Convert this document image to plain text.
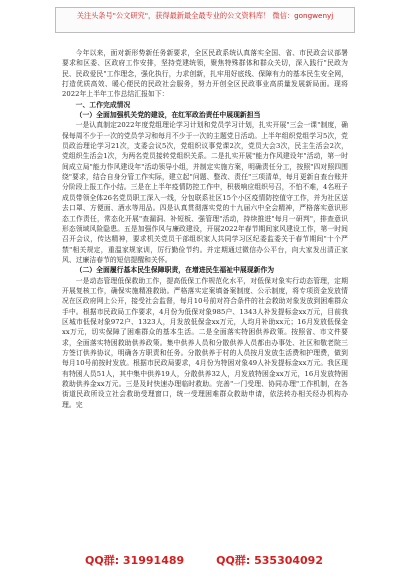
关注头条号"公文研究"，获得最新最全最专业的公文资料库！ 微信：gongwenyj

今年以来，面对新形势新任务新要求，全区民政系统认真落实全国、省、市民政会议部署要求和区委、区政府工作安排，坚持党建统领，聚焦特殊群体和群众关切，深入践行"民政为民、民政爱民"工作理念，强化执行，力求创新，扎牢用好底线、保障有力的基本民生安全网，打造优质高效、暖心便民的民政社会服务，努力开创全区民政事业高质量发展新局面。现将2022年上半年工作总结汇报如下：

一、工作完成情况

（一）全面加强机关党的建设，在红军政治责任中展现新担当

一是认真制定2022年度党组理论学习计划和党员学习计划，扎实开展"三会一课"制度，确保每周不少于一次的党员学习和每月不少于一次的主题党日活动。上半年组织党组学习5次，党员政治理论学习21次，支委会议5次，党组织议事党课2次，党员大会3次，民主生活会2次，党组织生活会1次，为两名党员接转党组织关系。二是扎实开展"能力作风建设年"活动，第一时间成立局"能力作风建设年"活动领导小组，并制定实施方案，明确责任分工，按照"四对照四围绕"要求，结合自身分管工作实际，建立起"问题、整改、责任"三项清单，每月更新自查台账并分阶段上报工作小结。三是在上半年疫情防控工作中，积极响应组织号召，不怕不难，4名班子成员带领全体26名党员职工深入一线，分包联系社区15个小区疫情防控值守工作，并为社区送去口罩、方便面、酒水等用品。四是认真贯彻落实党的十九届六中全会精神，严格落实意识形态工作责任，常态化开展"查漏洞、补短板、强管理"活动，持续推进"每月一研判"，排查意识形态领域风险隐患。五是加强作风与廉政建设，开展2022年春节期间家风建设工作，第一时间召开会议，传达精神，要求机关党员干部组织家人共同学习区纪委监委关于春节期间"十个严禁"相关规定，重温家规家训，厉行勤俭节约。并定期通过微信办公平台，向大家发出清正家风、过廉洁春节的短信提醒和关怀。

（二）全面履行基本民生保障职责，在增进民生福祉中展现新作为

一是动态管理低保救助工作，提高低保工作规范化水平，对低保对象实行动态管理，定期开展复核工作，确保实施精准救助。严格落实定案填备案制度、公示制度，将专项资金发放情况在区政府网上公开，接受社会监督，每月10号前对符合条件的社会救助对象发放到困难群众手中。根据市民政局工作要求，4月份为低保对象985户、1343人补发提标金xx万元，目前我区城市低保对象972户、1323人，月发放低保金xx万元，人均月补助xx元；16月发放低保金xx万元，切实保障了困难群众的基本生活。二是全面落实特困供养政策。按照省、市文件要求，全面落实特困救助供养政策。集中供养人员和分散供养人员都由办事处、社区和敬老院三方签订供养协议，明确各方职责和任务。分散供养于村的人员按月发放生活费和护理费，做到每月10号前按时发放。根据市民政局要求，4月份为特困对象49人补发提标金xx万元。我区现有特困人员51人，其中集中供养19人，分散供养32人，月发放特困金xx万元，16月发放特困救助供养金xx万元。三是及时快速办理临时救助。完善"一门受理、协同办理"工作机制，在各街道民政所设立社会救助受理窗口，统一受理困难群众救助申请，依法转办相关经办机构办理。完

QQ群: 31991489	QQ群: 535304092
